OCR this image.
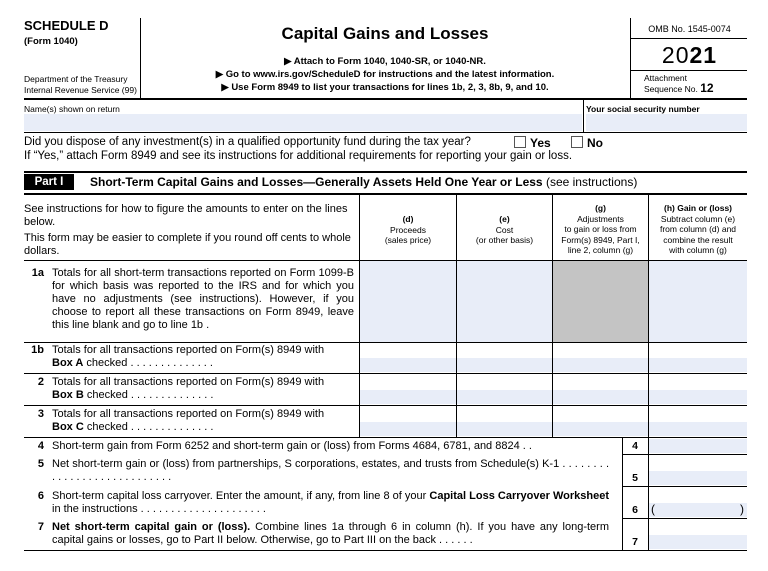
SCHEDULE D
(Form 1040)
Department of the Treasury
Internal Revenue Service (99)
Capital Gains and Losses
▶ Attach to Form 1040, 1040-SR, or 1040-NR.
▶ Go to www.irs.gov/ScheduleD for instructions and the latest information.
▶ Use Form 8949 to list your transactions for lines 1b, 2, 3, 8b, 9, and 10.
OMB No. 1545-0074
2021
Attachment
Sequence No. 12
Name(s) shown on return	Your social security number
Did you dispose of any investment(s) in a qualified opportunity fund during the tax year?	Yes	No
If “Yes,” attach Form 8949 and see its instructions for additional requirements for reporting your gain or loss.
Part I	Short-Term Capital Gains and Losses—Generally Assets Held One Year or Less (see instructions)
See instructions for how to figure the amounts to enter on the lines below.
This form may be easier to complete if you round off cents to whole dollars.
(d)
Proceeds
(sales price)
(e)
Cost
(or other basis)
(g)
Adjustments
to gain or loss from
Form(s) 8949, Part I,
line 2, column (g)
(h) Gain or (loss)
Subtract column (e)
from column (d) and
combine the result
with column (g)
1a Totals for all short-term transactions reported on Form 1099-B for which basis was reported to the IRS and for which you have no adjustments (see instructions). However, if you choose to report all these transactions on Form 8949, leave this line blank and go to line 1b .
1b Totals for all transactions reported on Form(s) 8949 with
Box A checked . . . . . . . . . . . . . .
2 Totals for all transactions reported on Form(s) 8949 with
Box B checked . . . . . . . . . . . . . .
3 Totals for all transactions reported on Form(s) 8949 with
Box C checked . . . . . . . . . . . . . .
4 Short-term gain from Form 6252 and short-term gain or (loss) from Forms 4684, 6781, and 8824 . .	4
5 Net short-term gain or (loss) from partnerships, S corporations, estates, and trusts from Schedule(s) K-1 . . . . . . . . . . . . . . . . . . . . . . . . . . . .	5
6 Short-term capital loss carryover. Enter the amount, if any, from line 8 of your Capital Loss Carryover Worksheet in the instructions . . . . . . . . . . . . . . . . . . . . .	6	(	)
7 Net short-term capital gain or (loss). Combine lines 1a through 6 in column (h). If you have any long-term capital gains or losses, go to Part II below. Otherwise, go to Part III on the back . . . . . .	7
